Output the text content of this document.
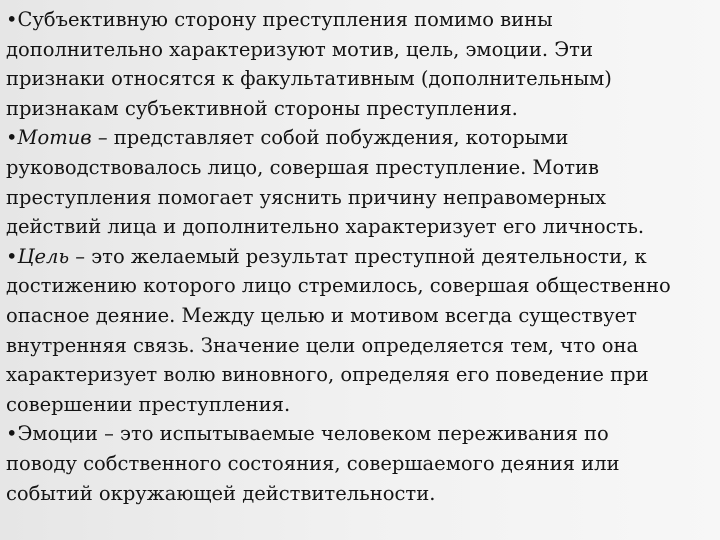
•Субъективную сторону преступления помимо вины
дополнительно характеризуют мотив, цель, эмоции. Эти
признаки относятся к факультативным (дополнительным)
признакам субъективной стороны преступления.

•Мотив – представляет собой побуждения, которыми
руководствовалось лицо, совершая преступление. Мотив
преступления помогает уяснить причину неправомерных
действий лица и дополнительно характеризует его личность.

•Цель – это желаемый результат преступной деятельности, к
достижению которого лицо стремилось, совершая общественно
опасное деяние. Между целью и мотивом всегда существует
внутренняя связь. Значение цели определяется тем, что она
характеризует волю виновного, определяя его поведение при
совершении преступления.

•Эмоции – это испытываемые человеком переживания по
поводу собственного состояния, совершаемого деяния или
событий окружающей действительности.
